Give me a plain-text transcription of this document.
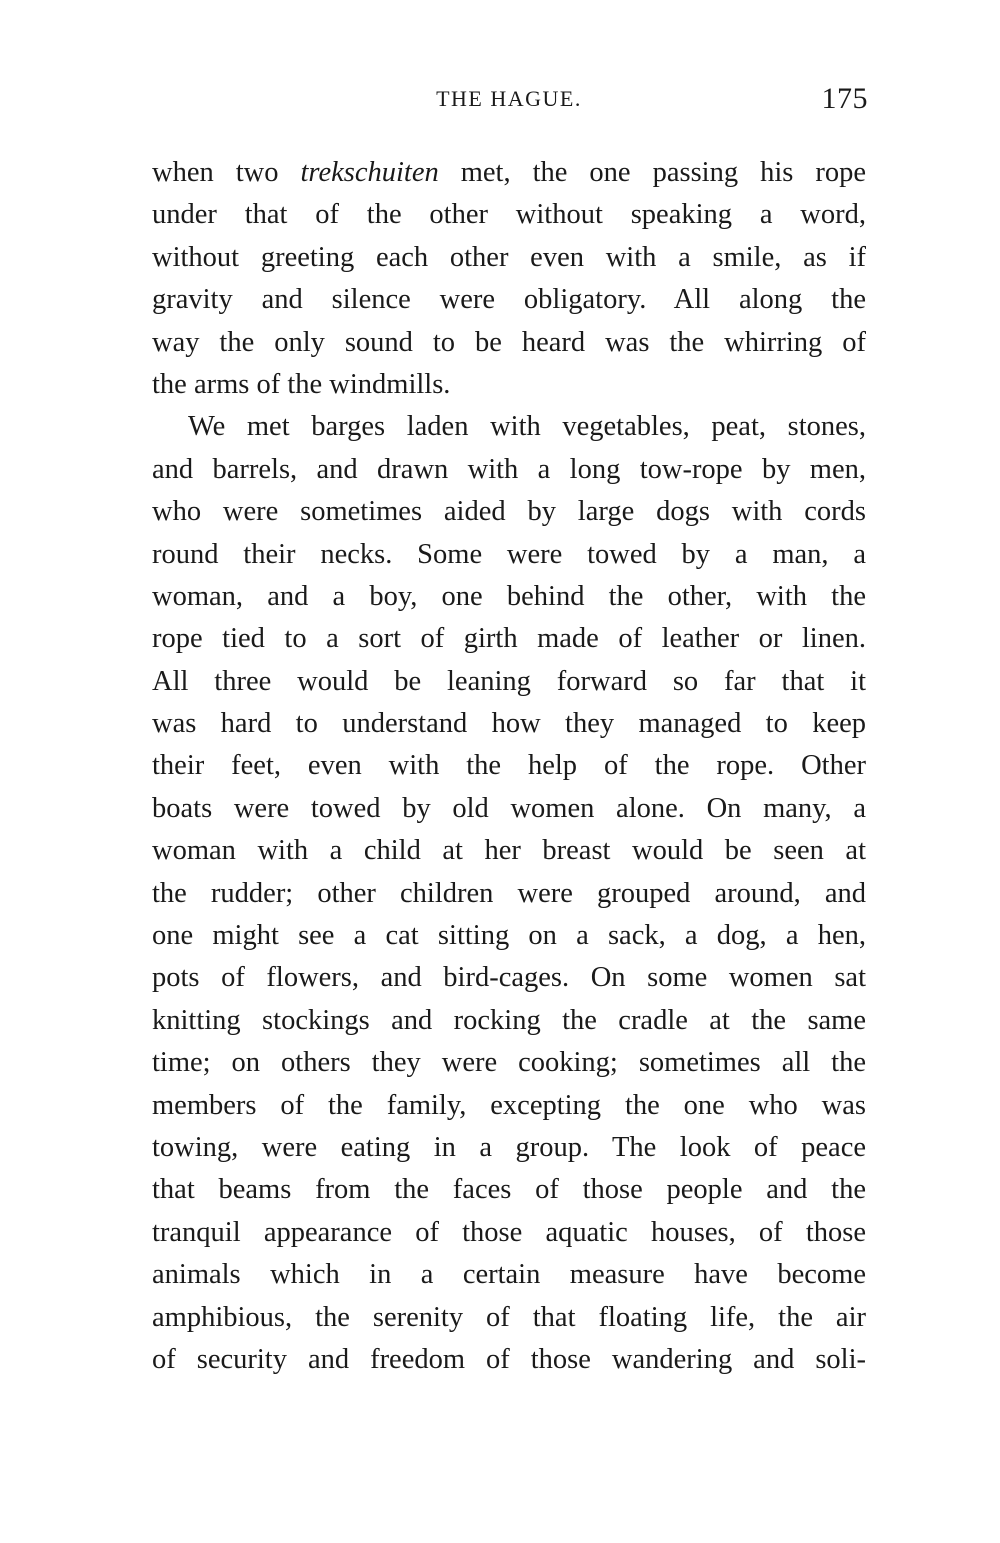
THE HAGUE.	175
when two trekschuiten met, the one passing his rope
under that of the other without speaking a word,
without greeting each other even with a smile, as if
gravity and silence were obligatory. All along the
way the only sound to be heard was the whirring of
the arms of the windmills.
We met barges laden with vegetables, peat, stones,
and barrels, and drawn with a long tow-rope by men,
who were sometimes aided by large dogs with cords
round their necks. Some were towed by a man, a
woman, and a boy, one behind the other, with the
rope tied to a sort of girth made of leather or linen.
All three would be leaning forward so far that it
was hard to understand how they managed to keep
their feet, even with the help of the rope. Other
boats were towed by old women alone. On many, a
woman with a child at her breast would be seen at
the rudder; other children were grouped around, and
one might see a cat sitting on a sack, a dog, a hen,
pots of flowers, and bird-cages. On some women sat
knitting stockings and rocking the cradle at the same
time; on others they were cooking; sometimes all the
members of the family, excepting the one who was
towing, were eating in a group. The look of peace
that beams from the faces of those people and the
tranquil appearance of those aquatic houses, of those
animals which in a certain measure have become
amphibious, the serenity of that floating life, the air
of security and freedom of those wandering and soli-
